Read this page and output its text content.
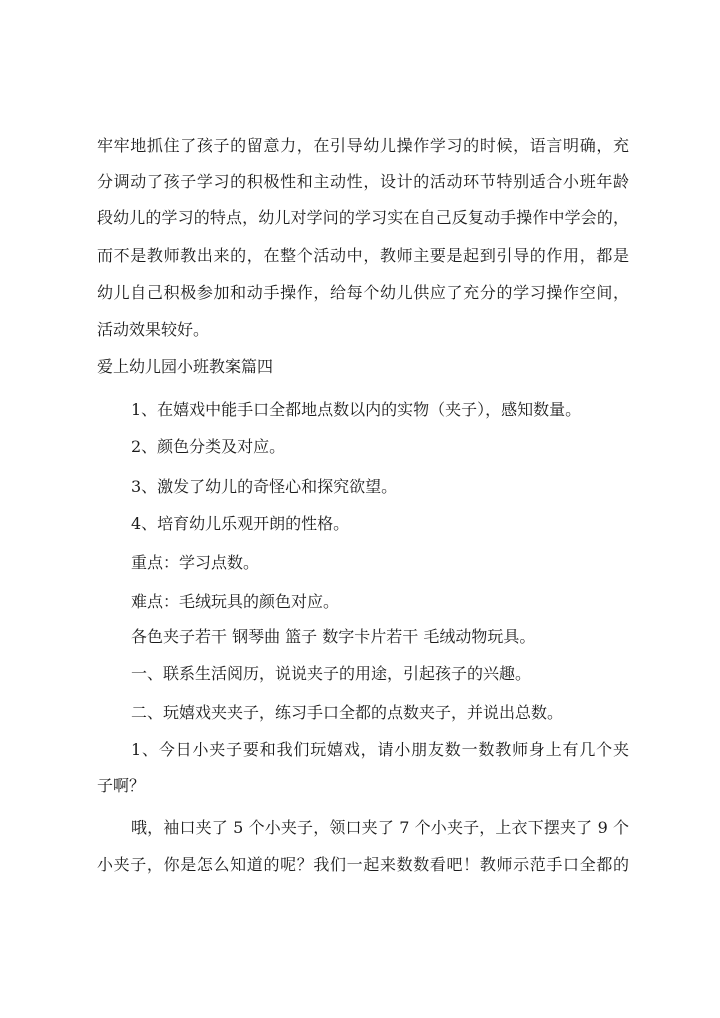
牢牢地抓住了孩子的留意力，在引导幼儿操作学习的时候，语言明确，充
分调动了孩子学习的积极性和主动性，设计的活动环节特别适合小班年龄
段幼儿的学习的特点，幼儿对学问的学习实在自己反复动手操作中学会的，
而不是教师教出来的，在整个活动中，教师主要是起到引导的作用，都是
幼儿自己积极参加和动手操作，给每个幼儿供应了充分的学习操作空间，
活动效果较好。
爱上幼儿园小班教案篇四
1、在嬉戏中能手口全都地点数以内的实物（夹子），感知数量。
2、颜色分类及对应。
3、激发了幼儿的奇怪心和探究欲望。
4、培育幼儿乐观开朗的性格。
重点：学习点数。
难点：毛绒玩具的颜色对应。
各色夹子若干 钢琴曲 篮子 数字卡片若干 毛绒动物玩具。
一、联系生活阅历，说说夹子的用途，引起孩子的兴趣。
二、玩嬉戏夹夹子，练习手口全都的点数夹子，并说出总数。
1、今日小夹子要和我们玩嬉戏，请小朋友数一数教师身上有几个夹
子啊？
哦，袖口夹了 5 个小夹子，领口夹了 7 个小夹子，上衣下摆夹了 9 个
小夹子，你是怎么知道的呢？我们一起来数数看吧！教师示范手口全都的
